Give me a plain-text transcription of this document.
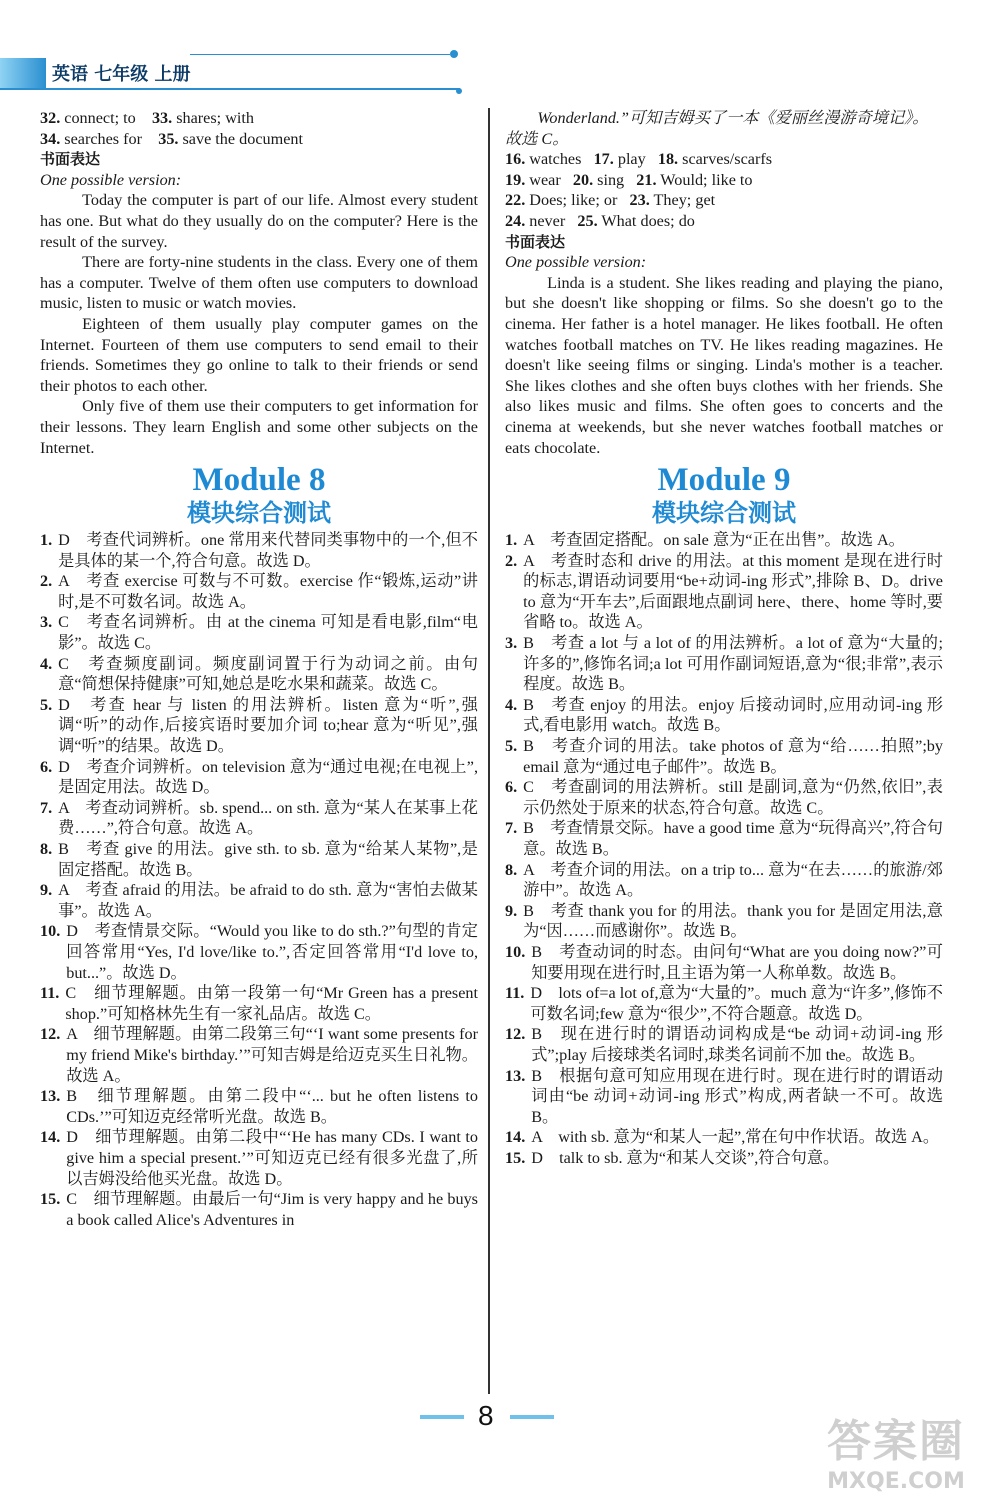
英语 七年级 上册
32. connect; to 33. shares; with
34. searches for 35. save the document
书面表达
One possible version:

Today the computer is part of our life. Almost every student has one. But what do they usually do on the computer? Here is the result of the survey.

There are forty-nine students in the class. Every one of them has a computer. Twelve of them often use computers to download music, listen to music or watch movies.

Eighteen of them usually play computer games on the Internet. Fourteen of them use computers to send email to their friends. Sometimes they go online to talk to their friends or send their photos to each other.

Only five of them use their computers to get information for their lessons. They learn English and some other subjects on the Internet.

Module 8
模块综合测试
1. D　考查代词辨析。one 常用来代替同类事物中的一个,但不是具体的某一个,符合句意。故选 D。
2. A　考查 exercise 可数与不可数。exercise 作“锻炼,运动”讲时,是不可数名词。故选 A。
3. C　考查名词辨析。由 at the cinema 可知是看电影,film“电影”。故选 C。
4. C　考查频度副词。频度副词置于行为动词之前。由句意“简想保持健康”可知,她总是吃水果和蔬菜。故选 C。
5. D　考查 hear 与 listen 的用法辨析。listen 意为“听”,强调“听”的动作,后接宾语时要加介词 to;hear 意为“听见”,强调“听”的结果。故选 D。
6. D　考查介词辨析。on television 意为“通过电视;在电视上”,是固定用法。故选 D。
7. A　考查动词辨析。sb. spend... on sth. 意为“某人在某事上花费……”,符合句意。故选 A。
8. B　考查 give 的用法。give sth. to sb. 意为“给某人某物”,是固定搭配。故选 B。
9. A　考查 afraid 的用法。be afraid to do sth. 意为“害怕去做某事”。故选 A。
10. D　考查情景交际。“Would you like to do sth.?”句型的肯定回答常用“Yes, I'd love/like to.”,否定回答常用“I'd love to, but...”。故选 D。
11. C　细节理解题。由第一段第一句“Mr Green has a present shop.”可知格林先生有一家礼品店。故选 C。
12. A　细节理解题。由第二段第三句“‘I want some presents for my friend Mike's birthday.’”可知吉姆是给迈克买生日礼物。故选 A。
13. B　细节理解题。由第二段中“‘... but he often listens to CDs.’”可知迈克经常听光盘。故选 B。
14. D　细节理解题。由第二段中“‘He has many CDs. I want to give him a special present.’”可知迈克已经有很多光盘了,所以吉姆没给他买光盘。故选 D。
15. C　细节理解题。由最后一句“Jim is very happy and he buys a book called Alice's Adventures in
Wonderland.”可知吉姆买了一本《爱丽丝漫游奇境记》。故选 C。
16. watches 17. play 18. scarves/scarfs
19. wear 20. sing 21. Would; like to
22. Does; like; or 23. They; get
24. never 25. What does; do
书面表达
One possible version:

Linda is a student. She likes reading and playing the piano, but she doesn't like shopping or films. So she doesn't go to the cinema. Her father is a hotel manager. He likes football. He often watches football matches on TV. He likes reading magazines. He doesn't like seeing films or singing. Linda's mother is a teacher. She likes clothes and she often buys clothes with her friends. She also likes music and films. She often goes to concerts and the cinema at weekends, but she never watches football matches or eats chocolate.

Module 9
模块综合测试
1. A　考查固定搭配。on sale 意为“正在出售”。故选 A。
2. A　考查时态和 drive 的用法。at this moment 是现在进行时的标志,谓语动词要用“be+动词-ing 形式”,排除 B、D。drive to 意为“开车去”,后面跟地点副词 here、there、home 等时,要省略 to。故选 A。
3. B　考查 a lot 与 a lot of 的用法辨析。a lot of 意为“大量的;许多的”,修饰名词;a lot 可用作副词短语,意为“很;非常”,表示程度。故选 B。
4. B　考查 enjoy 的用法。enjoy 后接动词时,应用动词-ing 形式,看电影用 watch。故选 B。
5. B　考查介词的用法。take photos of 意为“给……拍照”;by email 意为“通过电子邮件”。故选 B。
6. C　考查副词的用法辨析。still 是副词,意为“仍然,依旧”,表示仍然处于原来的状态,符合句意。故选 C。
7. B　考查情景交际。have a good time 意为“玩得高兴”,符合句意。故选 B。
8. A　考查介词的用法。on a trip to... 意为“在去……的旅游/郊游中”。故选 A。
9. B　考查 thank you for 的用法。thank you for 是固定用法,意为“因……而感谢你”。故选 B。
10. B　考查动词的时态。由问句“What are you doing now?”可知要用现在进行时,且主语为第一人称单数。故选 B。
11. D　lots of=a lot of,意为“大量的”。much 意为“许多”,修饰不可数名词;few 意为“很少”,不符合题意。故选 D。
12. B　现在进行时的谓语动词构成是“be 动词+动词-ing 形式”;play 后接球类名词时,球类名词前不加 the。故选 B。
13. B　根据句意可知应用现在进行时。现在进行时的谓语动词由“be 动词+动词-ing 形式”构成,两者缺一不可。故选 B。
14. A　with sb. 意为“和某人一起”,常在句中作状语。故选 A。
15. D　talk to sb. 意为“和某人交谈”,符合句意。
8
答案圈
MXQE.COM
